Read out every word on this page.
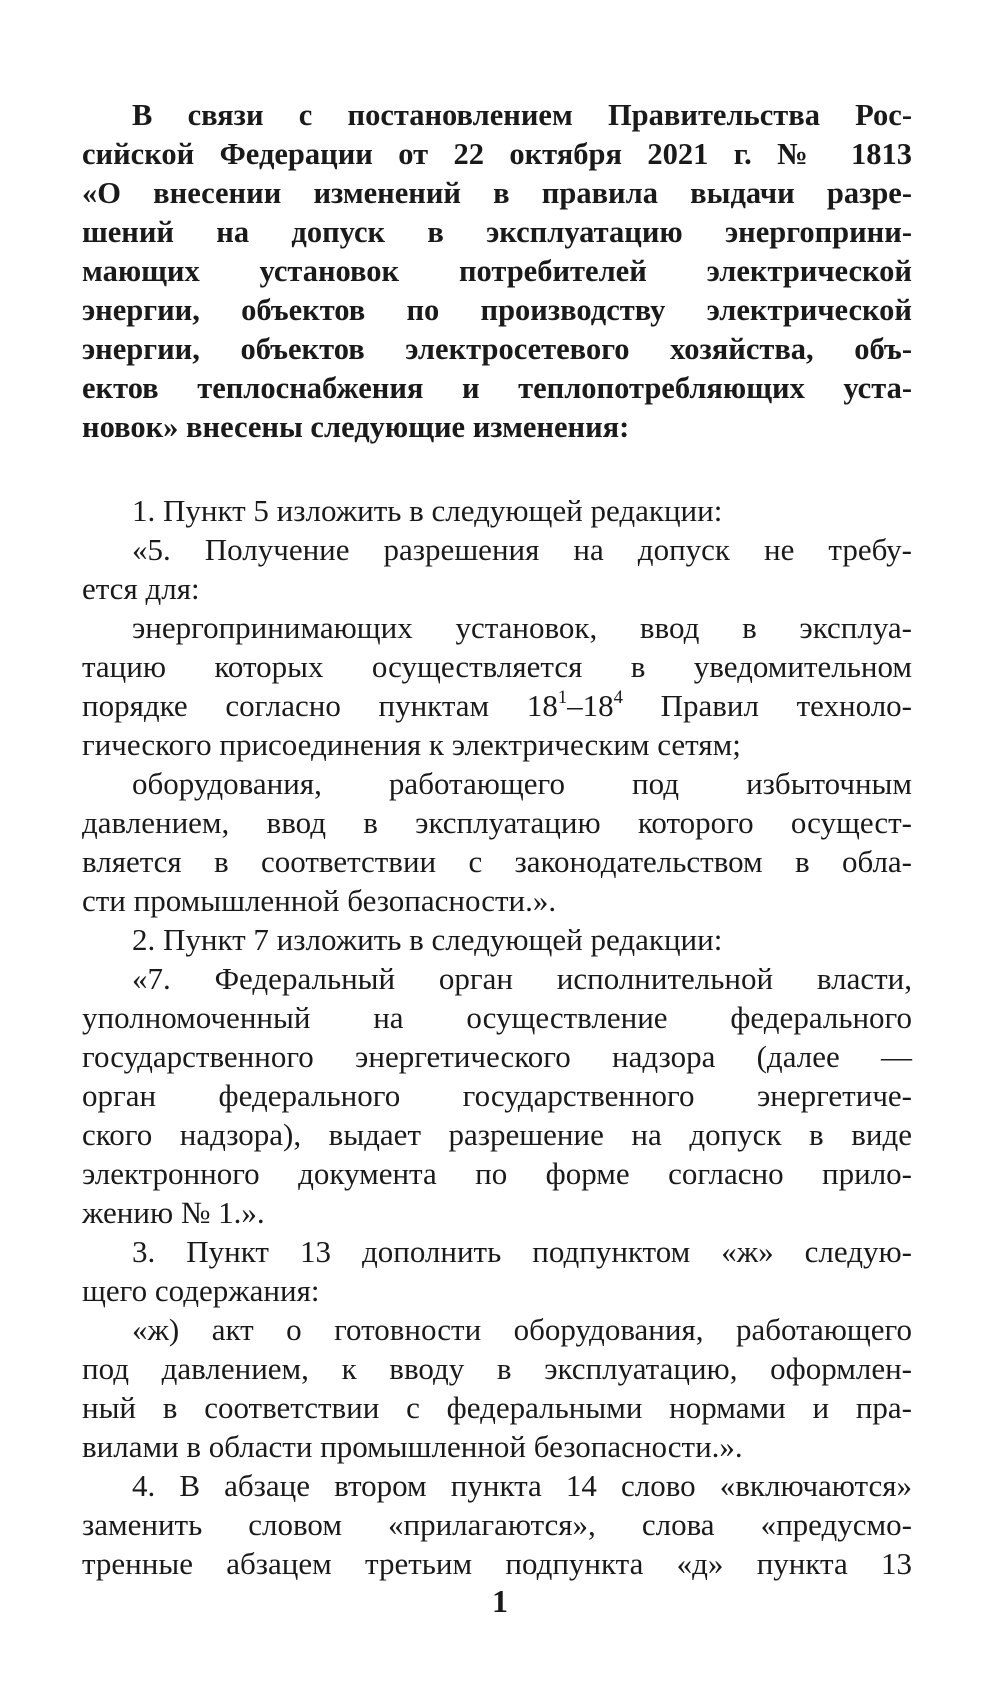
В связи с постановлением Правительства Рос-
сийской Федерации от 22 октября 2021 г. № 1813
«О внесении изменений в правила выдачи разре-
шений на допуск в эксплуатацию энергоприни-
мающих установок потребителей электрической
энергии, объектов по производству электрической
энергии, объектов электросетевого хозяйства, объ-
ектов теплоснабжения и теплопотребляющих уста-
новок» внесены следующие изменения:
1. Пункт 5 изложить в следующей редакции:
«5. Получение разрешения на допуск не требу-
ется для:
энергопринимающих установок, ввод в эксплуа-
тацию которых осуществляется в уведомительном
порядке согласно пунктам $18^1-18^4$ Правил техноло-
гического присоединения к электрическим сетям;
оборудования, работающего под избыточным
давлением, ввод в эксплуатацию которого осущест-
вляется в соответствии с законодательством в обла-
сти промышленной безопасности.».
2. Пункт 7 изложить в следующей редакции:
«7. Федеральный орган исполнительной власти,
уполномоченный на осуществление федерального
государственного энергетического надзора (далее —
орган федерального государственного энергетиче-
ского надзора), выдает разрешение на допуск в виде
электронного документа по форме согласно прило-
жению № 1.».
3. Пункт 13 дополнить подпунктом «ж» следую-
щего содержания:
«ж) акт о готовности оборудования, работающего
под давлением, к вводу в эксплуатацию, оформлен-
ный в соответствии с федеральными нормами и пра-
вилами в области промышленной безопасности.».
4. В абзаце втором пункта 14 слово «включаются»
заменить словом «прилагаются», слова «предусмо-
тренные абзацем третьим подпункта «д» пункта 13
1
